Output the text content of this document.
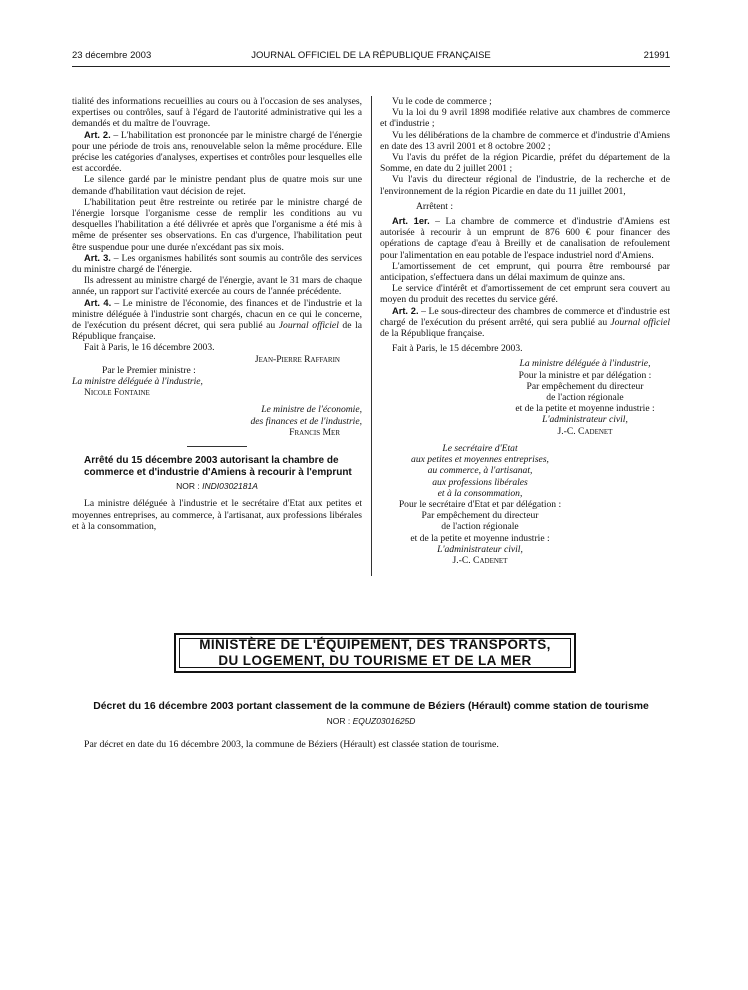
23 décembre 2003	JOURNAL OFFICIEL DE LA RÉPUBLIQUE FRANÇAISE	21991

tialité des informations recueillies au cours ou à l'occasion de ses analyses, expertises ou contrôles, sauf à l'égard de l'autorité administrative qui les a demandés et du maître de l'ouvrage.

Art. 2. – L'habilitation est prononcée par le ministre chargé de l'énergie pour une période de trois ans, renouvelable selon la même procédure. Elle précise les catégories d'analyses, expertises et contrôles pour lesquelles elle est accordée.

Le silence gardé par le ministre pendant plus de quatre mois sur une demande d'habilitation vaut décision de rejet.

L'habilitation peut être restreinte ou retirée par le ministre chargé de l'énergie lorsque l'organisme cesse de remplir les conditions au vu desquelles l'habilitation a été délivrée et après que l'organisme a été mis à même de présenter ses observations. En cas d'urgence, l'habilitation peut être suspendue pour une durée n'excédant pas six mois.

Art. 3. – Les organismes habilités sont soumis au contrôle des services du ministre chargé de l'énergie.

Ils adressent au ministre chargé de l'énergie, avant le 31 mars de chaque année, un rapport sur l'activité exercée au cours de l'année précédente.

Art. 4. – Le ministre de l'économie, des finances et de l'industrie et la ministre déléguée à l'industrie sont chargés, chacun en ce qui le concerne, de l'exécution du présent décret, qui sera publié au Journal officiel de la République française.

Fait à Paris, le 16 décembre 2003.

Jean-Pierre Raffarin

Par le Premier ministre :

La ministre déléguée à l'industrie,

Nicole Fontaine

Le ministre de l'économie,

des finances et de l'industrie,

Francis Mer

Arrêté du 15 décembre 2003 autorisant la chambre de commerce et d'industrie d'Amiens à recourir à l'emprunt

NOR : INDI0302181A

La ministre déléguée à l'industrie et le secrétaire d'Etat aux petites et moyennes entreprises, au commerce, à l'artisanat, aux professions libérales et à la consommation,

Vu le code de commerce ;

Vu la loi du 9 avril 1898 modifiée relative aux chambres de commerce et d'industrie ;

Vu les délibérations de la chambre de commerce et d'industrie d'Amiens en date des 13 avril 2001 et 8 octobre 2002 ;

Vu l'avis du préfet de la région Picardie, préfet du département de la Somme, en date du 2 juillet 2001 ;

Vu l'avis du directeur régional de l'industrie, de la recherche et de l'environnement de la région Picardie en date du 11 juillet 2001,

Arrêtent :

Art. 1er. – La chambre de commerce et d'industrie d'Amiens est autorisée à recourir à un emprunt de 876 600 € pour financer des opérations de captage d'eau à Breilly et de canalisation de refoulement pour l'alimentation en eau potable de l'espace industriel nord d'Amiens.

L'amortissement de cet emprunt, qui pourra être remboursé par anticipation, s'effectuera dans un délai maximum de quinze ans.

Le service d'intérêt et d'amortissement de cet emprunt sera couvert au moyen du produit des recettes du service géré.

Art. 2. – Le sous-directeur des chambres de commerce et d'industrie est chargé de l'exécution du présent arrêté, qui sera publié au Journal officiel de la République française.

Fait à Paris, le 15 décembre 2003.

La ministre déléguée à l'industrie,

Pour la ministre et par délégation :

Par empêchement du directeur

de l'action régionale

et de la petite et moyenne industrie :

L'administrateur civil,

J.-C. Cadenet

Le secrétaire d'Etat

aux petites et moyennes entreprises,

au commerce, à l'artisanat,

aux professions libérales

et à la consommation,

Pour le secrétaire d'Etat et par délégation :

Par empêchement du directeur

de l'action régionale

et de la petite et moyenne industrie :

L'administrateur civil,

J.-C. Cadenet

MINISTÈRE DE L'ÉQUIPEMENT, DES TRANSPORTS,
DU LOGEMENT, DU TOURISME ET DE LA MER
Décret du 16 décembre 2003 portant classement de la commune de Béziers (Hérault) comme station de tourisme
NOR : EQUZ0301625D
Par décret en date du 16 décembre 2003, la commune de Béziers (Hérault) est classée station de tourisme.
